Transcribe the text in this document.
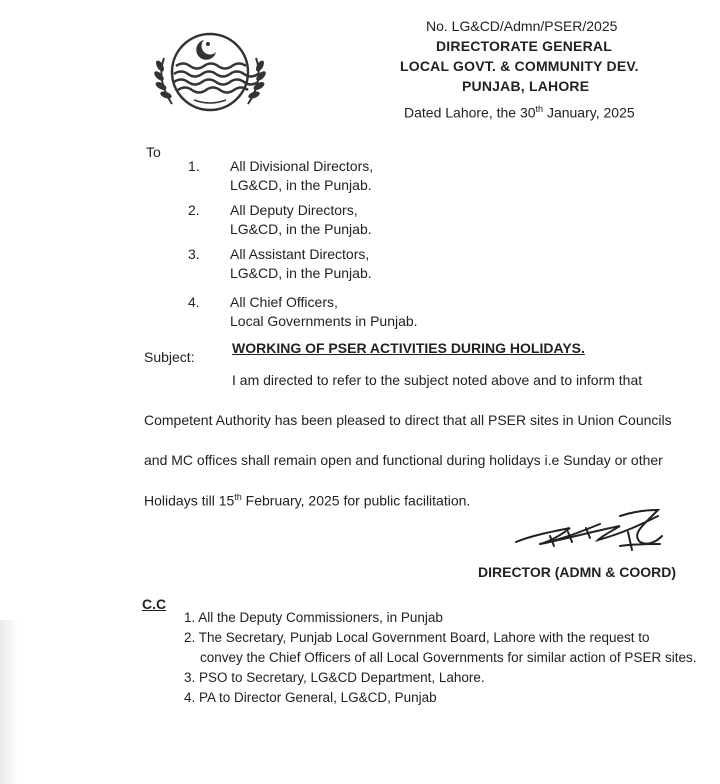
No. LG&CD/Admn/PSER/2025
DIRECTORATE GENERAL
LOCAL GOVT. & COMMUNITY DEV.
PUNJAB, LAHORE
Dated Lahore, the 30th January, 2025
To
1. All Divisional Directors,
LG&CD, in the Punjab.
2. All Deputy Directors,
LG&CD, in the Punjab.
3. All Assistant Directors,
LG&CD, in the Punjab.
4. All Chief Officers,
Local Governments in Punjab.
Subject:
WORKING OF PSER ACTIVITIES DURING HOLIDAYS.
I am directed to refer to the subject noted above and to inform that
Competent Authority has been pleased to direct that all PSER sites in Union Councils
and MC offices shall remain open and functional during holidays i.e Sunday or other
Holidays till 15th February, 2025 for public facilitation.
DIRECTOR (ADMN & COORD)
C.C
1. All the Deputy Commissioners, in Punjab
2. The Secretary, Punjab Local Government Board, Lahore with the request to
convey the Chief Officers of all Local Governments for similar action of PSER sites.
3. PSO to Secretary, LG&CD Department, Lahore.
4. PA to Director General, LG&CD, Punjab
